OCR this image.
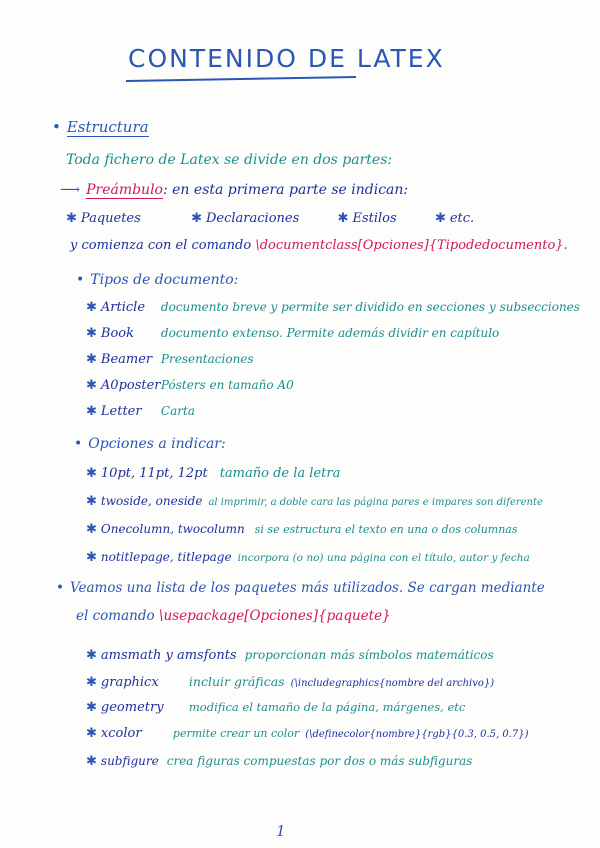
CONTENIDO DE LATEX
• Estructura
Toda fichero de Latex se divide en dos partes:
⟶ Preámbulo: en esta primera parte se indican:
✱ Paquetes	✱ Declaraciones	✱ Estilos	✱ etc.
y comienza con el comando \documentclass[Opciones]{Tipodedocumento}.
• Tipos de documento:
✱ Article documento breve y permite ser dividido en secciones y subsecciones
✱ Book documento extenso. Permite además dividir en capítulo
✱ Beamer Presentaciones
✱ A0posterPósters en tamaño A0
✱ Letter Carta
• Opciones a indicar:
✱ 10pt, 11pt, 12pt tamaño de la letra
✱ twoside, oneside al imprimir, a doble cara las página pares e impares son diferente
✱ Onecolumn, twocolumn si se estructura el texto en una o dos columnas
✱ notitlepage, titlepage incorpora (o no) una página con el título, autor y fecha
• Veamos una lista de los paquetes más utilizados. Se cargan mediante
el comando \usepackage[Opciones]{paquete}
✱ amsmath y amsfonts proporcionan más símbolos matemáticos
✱ graphicx incluir gráficas (\includegraphics{nombre del archivo})
✱ geometry modifica el tamaño de la página, márgenes, etc
✱ xcolor	permite crear un color (\definecolor{nombre}{rgb}{0.3, 0.5, 0.7})
✱ subfigure crea figuras compuestas por dos o más subfiguras
1
